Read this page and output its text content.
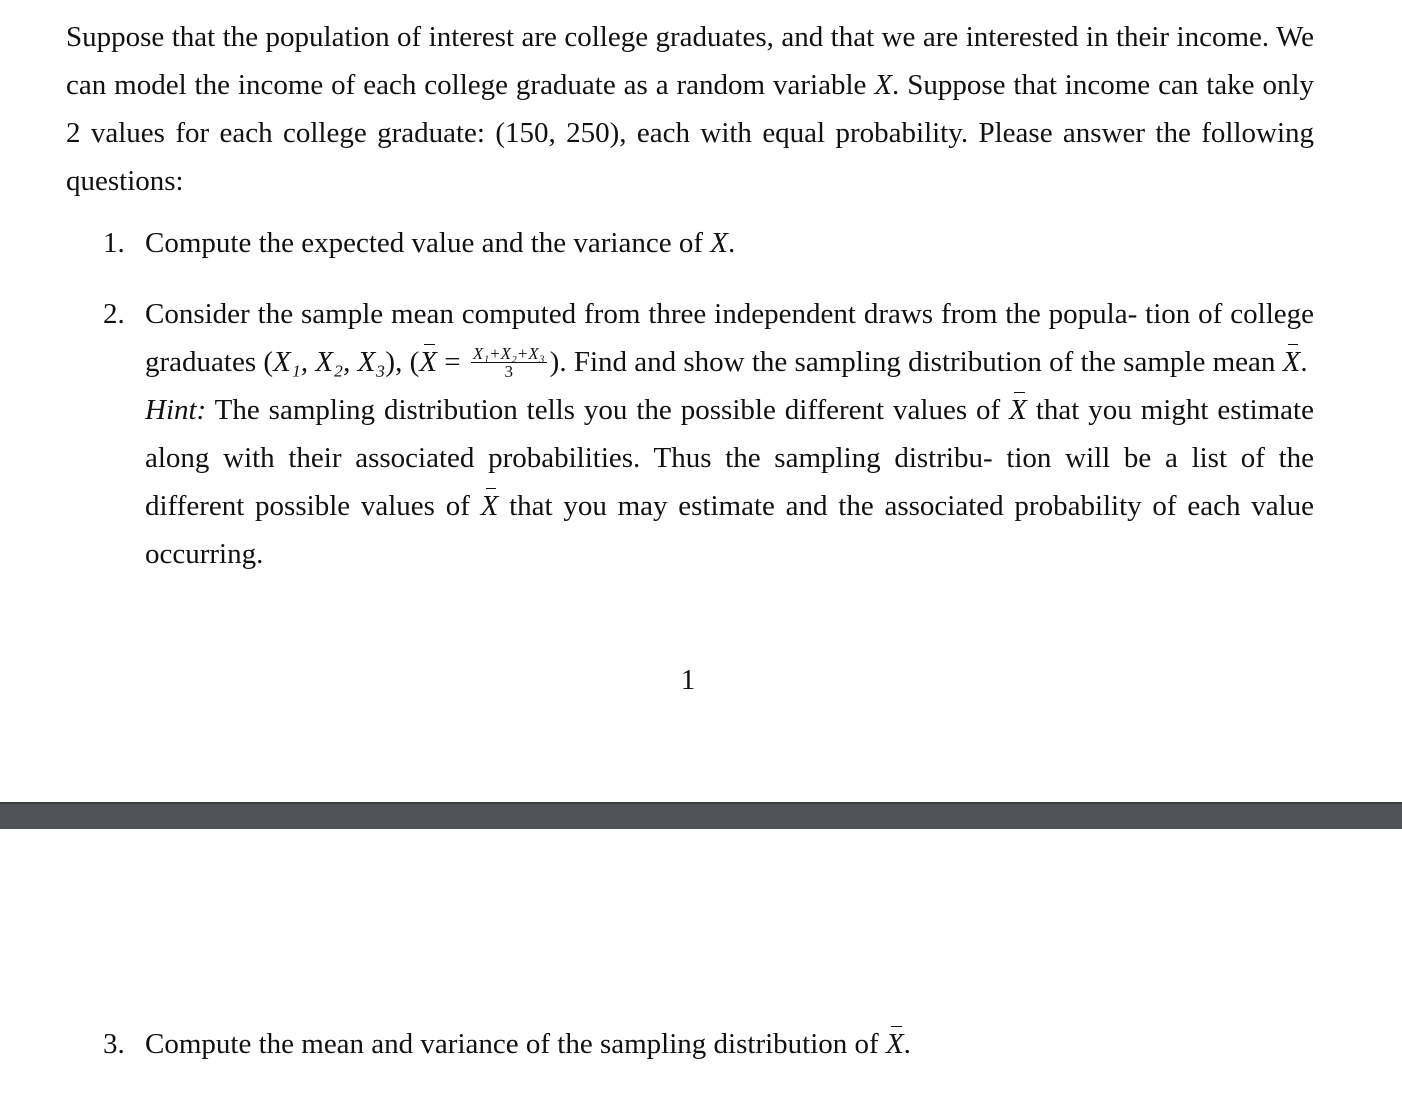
Suppose that the population of interest are college graduates, and that we are interested in their income. We can model the income of each college graduate as a random variable X. Suppose that income can take only 2 values for each college graduate: (150, 250), each with equal probability. Please answer the following questions:
1. Compute the expected value and the variance of X.
2. Consider the sample mean computed from three independent draws from the popula- tion of college graduates (X₁, X₂, X₃), ($X = \frac{\text{X₁+X₂+X₃}}{3}$ ). Find and show the sampling distribution of the sample mean X.
Hint: The sampling distribution tells you the possible different values of X that you might estimate along with their associated probabilities. Thus the sampling distribu- tion will be a list of the different possible values of X that you may estimate and the associated probability of each value occurring.
1
3. Compute the mean and variance of the sampling distribution of X.
